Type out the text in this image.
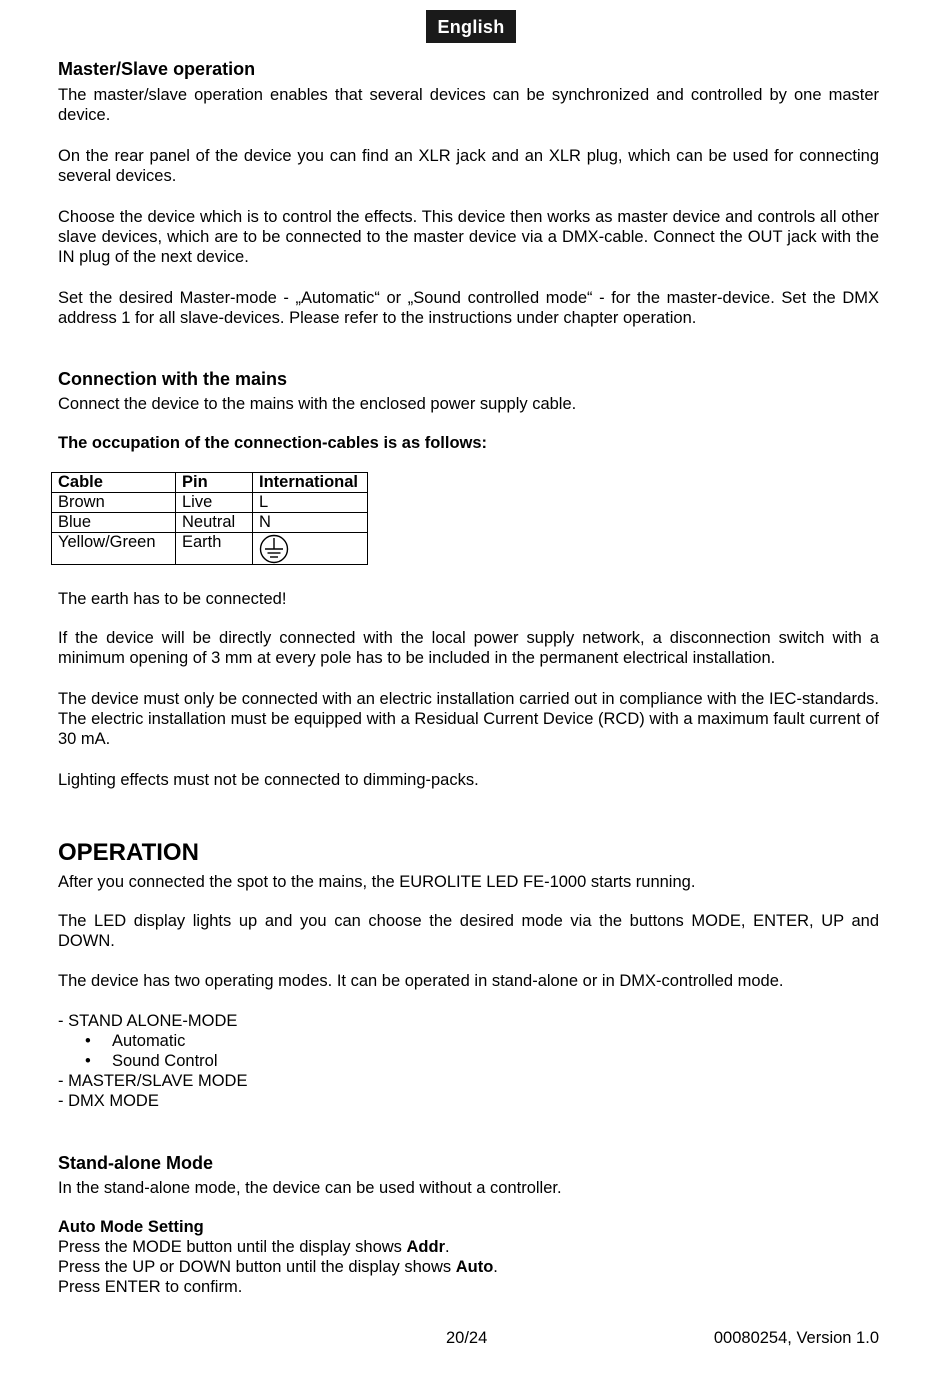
English
Master/Slave operation

The master/slave operation enables that several devices can be synchronized and controlled by one master device.

On the rear panel of the device you can find an XLR jack and an XLR plug, which can be used for connecting several devices.

Choose the device which is to control the effects. This device then works as master device and controls all other slave devices, which are to be connected to the master device via a DMX-cable. Connect the OUT jack with the IN plug of the next device.

Set the desired Master-mode - „Automatic“ or „Sound controlled mode“ - for the master-device. Set the DMX address 1 for all slave-devices. Please refer to the instructions under chapter operation.

Connection with the mains

Connect the device to the mains with the enclosed power supply cable.

The occupation of the connection-cables is as follows:

Cable	Pin	International
Brown	Live	L
Blue	Neutral	N
Yellow/Green	Earth	

The earth has to be connected!

If the device will be directly connected with the local power supply network, a disconnection switch with a minimum opening of 3 mm at every pole has to be included in the permanent electrical installation.

The device must only be connected with an electric installation carried out in compliance with the IEC-standards. The electric installation must be equipped with a Residual Current Device (RCD) with a maximum fault current of 30 mA.

Lighting effects must not be connected to dimming-packs.

OPERATION

After you connected the spot to the mains, the EUROLITE LED FE-1000 starts running.

The LED display lights up and you can choose the desired mode via the buttons MODE, ENTER, UP and DOWN.

The device has two operating modes. It can be operated in stand-alone or in DMX-controlled mode.

- STAND ALONE-MODE
• Automatic
• Sound Control
- MASTER/SLAVE MODE
- DMX MODE
Stand-alone Mode

In the stand-alone mode, the device can be used without a controller.

Auto Mode Setting
Press the MODE button until the display shows Addr.
Press the UP or DOWN button until the display shows Auto.
Press ENTER to confirm.
20/24	00080254, Version 1.0
